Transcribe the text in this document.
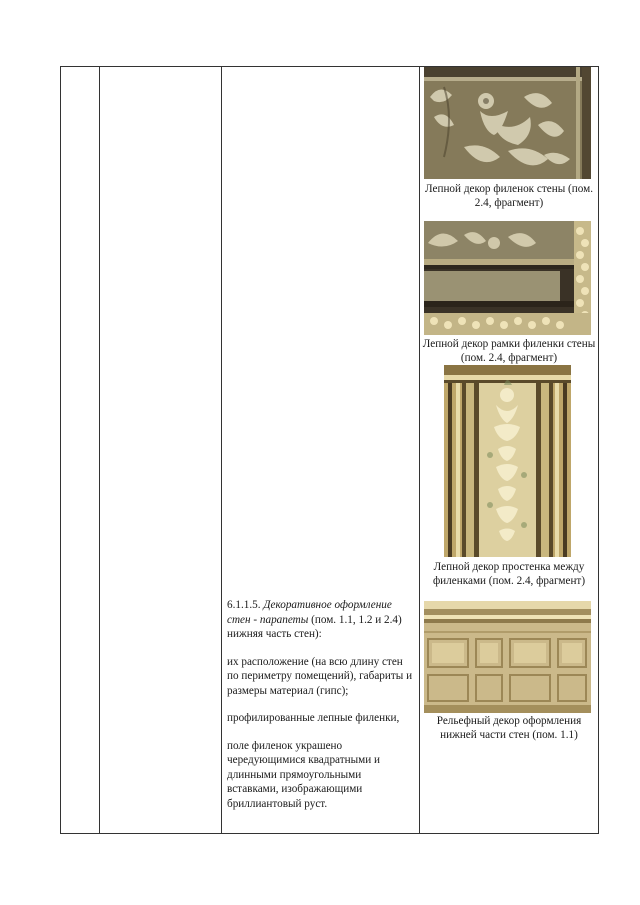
6.1.1.5. Декоративное оформление стен - парапеты (пом. 1.1, 1.2 и 2.4) нижняя часть стен):

их расположение (на всю длину стен по периметру помещений), габариты и размеры материал (гипс);

профилированные лепные филенки,

поле филенок украшено чередующимися квадратными и длинными прямоугольными вставками, изображающими бриллиантовый руст.

Лепной декор филенок стены (пом. 2.4, фрагмент)
Лепной декор рамки филенки стены (пом. 2.4, фрагмент)
Лепной декор простенка между филенками (пом. 2.4, фрагмент)
Рельефный декор оформления нижней части стен (пом. 1.1)
